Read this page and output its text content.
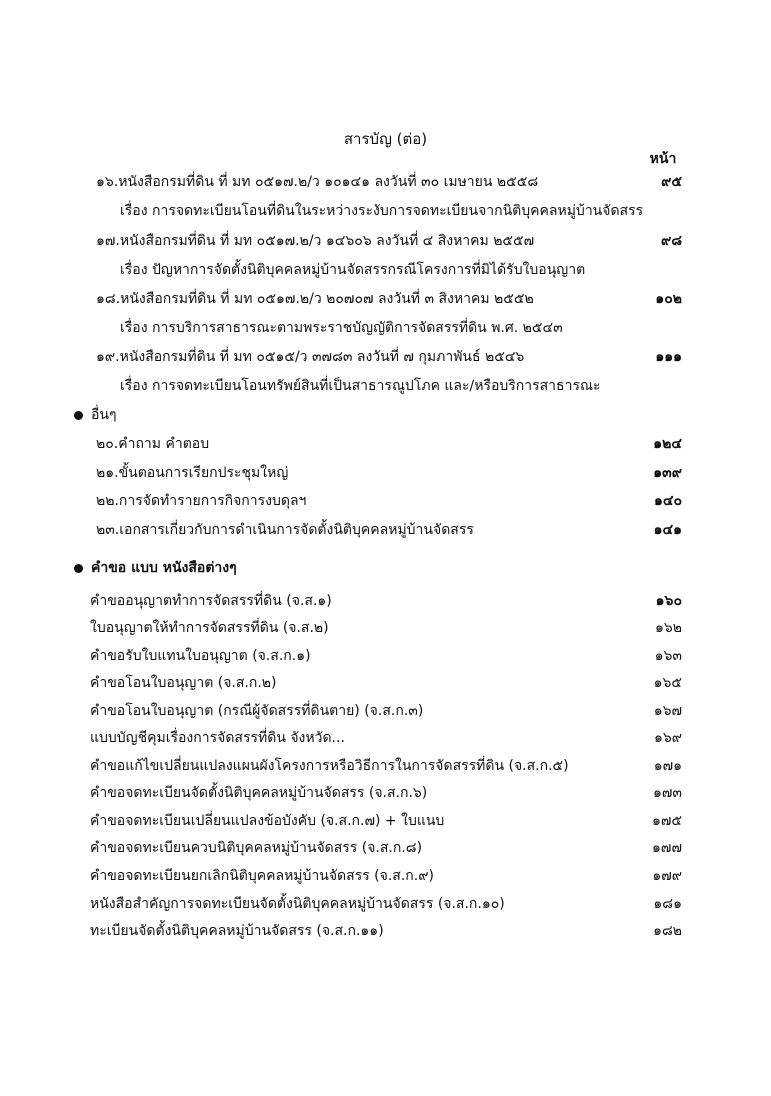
สารบัญ (ต่อ)
หน้า
๑๖.หนังสือกรมที่ดิน ที่ มท ๐๕๑๗.๒/ว ๑๐๑๔๑ ลงวันที่ ๓๐ เมษายน ๒๕๕๘	๙๕
เรื่อง การจดทะเบียนโอนที่ดินในระหว่างระงับการจดทะเบียนจากนิติบุคคลหมู่บ้านจัดสรร
๑๗.หนังสือกรมที่ดิน ที่ มท ๐๕๑๗.๒/ว ๑๔๖๐๖ ลงวันที่ ๔ สิงหาคม ๒๕๕๗	๙๘
เรื่อง ปัญหาการจัดตั้งนิติบุคคลหมู่บ้านจัดสรรกรณีโครงการที่มิได้รับใบอนุญาต
๑๘.หนังสือกรมที่ดิน ที่ มท ๐๕๑๗.๒/ว ๒๐๗๐๗ ลงวันที่ ๓ สิงหาคม ๒๕๕๒	๑๐๒
เรื่อง การบริการสาธารณะตามพระราชบัญญัติการจัดสรรที่ดิน พ.ศ. ๒๕๔๓
๑๙.หนังสือกรมที่ดิน ที่ มท ๐๕๑๕/ว ๓๗๘๓ ลงวันที่ ๗ กุมภาพันธ์ ๒๕๔๖	๑๑๑
เรื่อง การจดทะเบียนโอนทรัพย์สินที่เป็นสาธารณูปโภค และ/หรือบริการสาธารณะ
อื่นๆ
๒๐.คำถาม คำตอบ	๑๒๔
๒๑.ขั้นตอนการเรียกประชุมใหญ่	๑๓๙
๒๒.การจัดทำรายการกิจการงบดุลฯ	๑๔๐
๒๓.เอกสารเกี่ยวกับการดำเนินการจัดตั้งนิติบุคคลหมู่บ้านจัดสรร	๑๔๑
คำขอ แบบ หนังสือต่างๆ
คำขออนุญาตทำการจัดสรรที่ดิน (จ.ส.๑)	๑๖๐
ใบอนุญาตให้ทำการจัดสรรที่ดิน (จ.ส.๒)	๑๖๒
คำขอรับใบแทนใบอนุญาต (จ.ส.ก.๑)	๑๖๓
คำขอโอนใบอนุญาต (จ.ส.ก.๒)	๑๖๕
คำขอโอนใบอนุญาต (กรณีผู้จัดสรรที่ดินตาย) (จ.ส.ก.๓)	๑๖๗
แบบบัญชีคุมเรื่องการจัดสรรที่ดิน จังหวัด...	๑๖๙
คำขอแก้ไขเปลี่ยนแปลงแผนผังโครงการหรือวิธีการในการจัดสรรที่ดิน (จ.ส.ก.๕)	๑๗๑
คำขอจดทะเบียนจัดตั้งนิติบุคคลหมู่บ้านจัดสรร (จ.ส.ก.๖)	๑๗๓
คำขอจดทะเบียนเปลี่ยนแปลงข้อบังคับ (จ.ส.ก.๗) + ใบแนบ	๑๗๕
คำขอจดทะเบียนควบนิติบุคคลหมู่บ้านจัดสรร (จ.ส.ก.๘)	๑๗๗
คำขอจดทะเบียนยกเลิกนิติบุคคลหมู่บ้านจัดสรร (จ.ส.ก.๙)	๑๗๙
หนังสือสำคัญการจดทะเบียนจัดตั้งนิติบุคคลหมู่บ้านจัดสรร (จ.ส.ก.๑๐)	๑๘๑
ทะเบียนจัดตั้งนิติบุคคลหมู่บ้านจัดสรร (จ.ส.ก.๑๑)	๑๘๒
